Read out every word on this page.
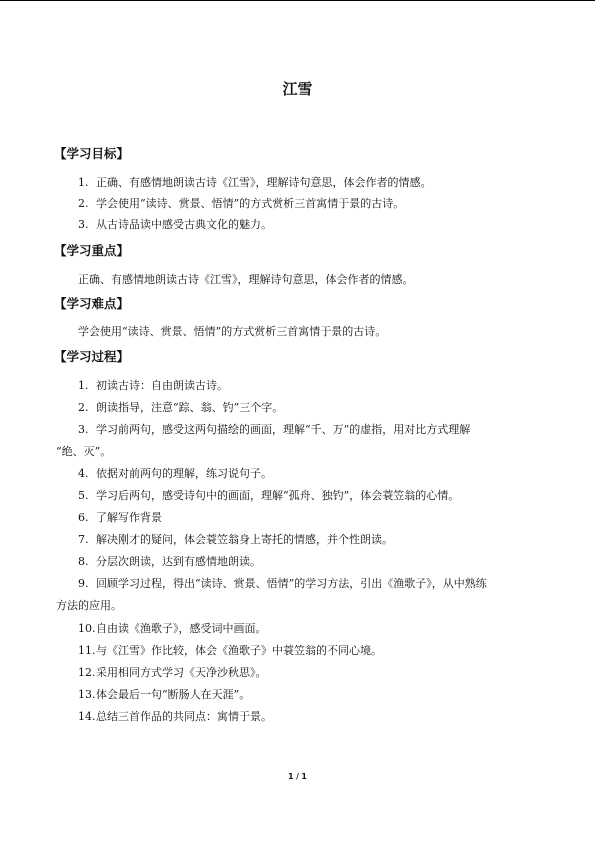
江雪
【学习目标】
1. 正确、有感情地朗读古诗《江雪》，理解诗句意思，体会作者的情感。
2. 学会使用“读诗、赏景、悟情”的方式赏析三首寓情于景的古诗。
3. 从古诗品读中感受古典文化的魅力。
【学习重点】
正确、有感情地朗读古诗《江雪》，理解诗句意思，体会作者的情感。
【学习难点】
学会使用“读诗、赏景、悟情”的方式赏析三首寓情于景的古诗。
【学习过程】
1. 初读古诗：自由朗读古诗。
2. 朗读指导，注意“踪、翁、钓”三个字。
3. 学习前两句，感受这两句描绘的画面，理解“千、万”的虚指，用对比方式理解
“绝、灭”。
4. 依据对前两句的理解，练习说句子。
5. 学习后两句，感受诗句中的画面，理解“孤舟、独钓”，体会蓑笠翁的心情。
6. 了解写作背景
7. 解决刚才的疑问，体会蓑笠翁身上寄托的情感，并个性朗读。
8. 分层次朗读，达到有感情地朗读。
9. 回顾学习过程，得出“读诗、赏景、悟情”的学习方法，引出《渔歌子》，从中熟练
方法的应用。
10.自由读《渔歌子》，感受词中画面。
11.与《江雪》作比较，体会《渔歌子》中蓑笠翁的不同心境。
12.采用相同方式学习《天净沙秋思》。
13.体会最后一句“断肠人在天涯”。
14.总结三首作品的共同点：寓情于景。
1 / 1
